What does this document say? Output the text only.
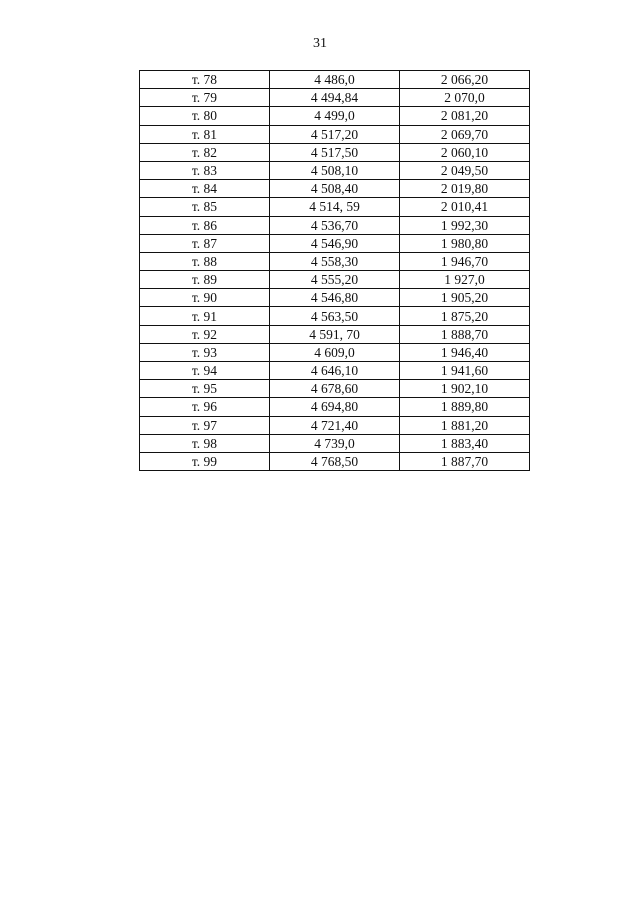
31
т. 78	4 486,0	2 066,20
т. 79	4 494,84	2 070,0
т. 80	4 499,0	2 081,20
т. 81	4 517,20	2 069,70
т. 82	4 517,50	2 060,10
т. 83	4 508,10	2 049,50
т. 84	4 508,40	2 019,80
т. 85	4 514, 59	2 010,41
т. 86	4 536,70	1 992,30
т. 87	4 546,90	1 980,80
т. 88	4 558,30	1 946,70
т. 89	4 555,20	1 927,0
т. 90	4 546,80	1 905,20
т. 91	4 563,50	1 875,20
т. 92	4 591, 70	1 888,70
т. 93	4 609,0	1 946,40
т. 94	4 646,10	1 941,60
т. 95	4 678,60	1 902,10
т. 96	4 694,80	1 889,80
т. 97	4 721,40	1 881,20
т. 98	4 739,0	1 883,40
т. 99	4 768,50	1 887,70
